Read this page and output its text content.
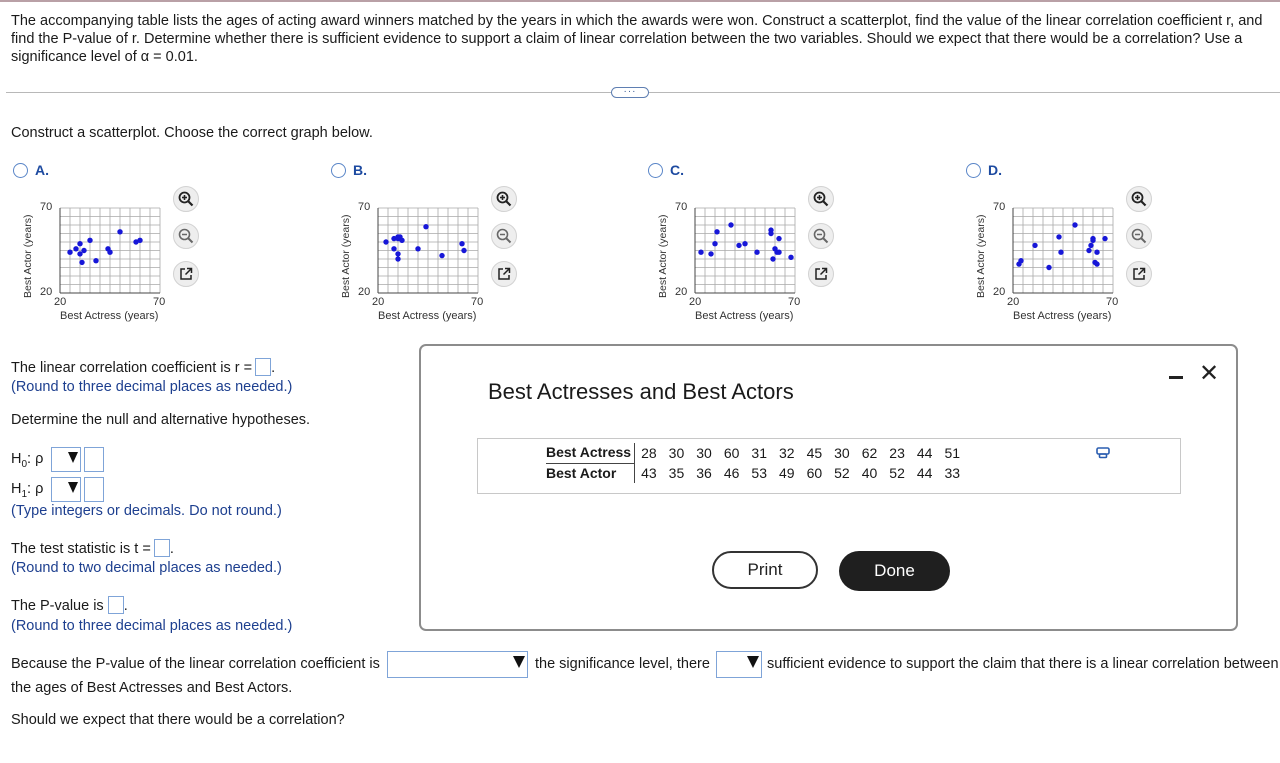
The accompanying table lists the ages of acting award winners matched by the years in which the awards were won. Construct a scatterplot, find the value of the linear correlation coefficient r, and find the P-value of r. Determine whether there is sufficient evidence to support a claim of linear correlation between the two variables. Should we expect that there would be a correlation? Use a significance level of α = 0.01.
···
Construct a scatterplot. Choose the correct graph below.
A.	B.	C.	D.
70
20
20	70
Best Actress (years)
Best Actor (years)
70
20
20	70
Best Actress (years)
Best Actor (years)
70
20
20	70
Best Actress (years)
Best Actor (years)
70
20
20	70
Best Actress (years)
Best Actor (years)
The linear correlation coefficient is r = .
(Round to three decimal places as needed.)
Determine the null and alternative hypotheses.
$H_0$: ρ
$H_1$: ρ
(Type integers or decimals. Do not round.)
The test statistic is t = .
(Round to two decimal places as needed.)
The P-value is .
(Round to three decimal places as needed.)
Because the P-value of the linear correlation coefficient is	the significance level, there	sufficient evidence to support the claim that there is a linear correlation between
the ages of Best Actresses and Best Actors.
Should we expect that there would be a correlation?
Best Actresses and Best Actors
✕
Best Actress	28	30	30	60	31	32	45	30	62	23	44	51
Best Actor	43	35	36	46	53	49	60	52	40	52	44	33
Print	Done
